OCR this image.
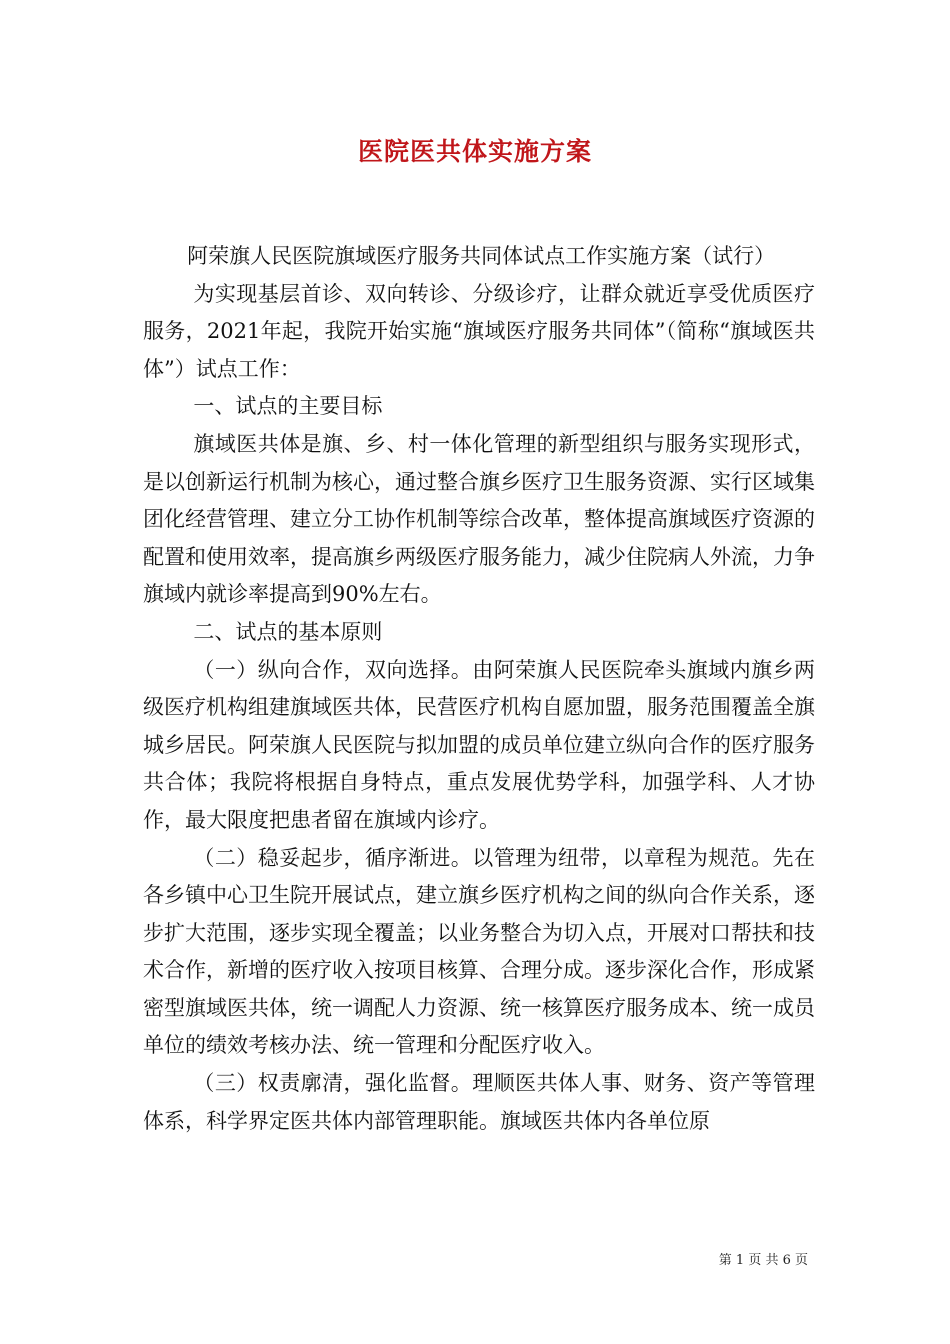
医院医共体实施方案

阿荣旗人民医院旗域医疗服务共同体试点工作实施方案（试行）

为实现基层首诊、双向转诊、分级诊疗，让群众就近享受优质医疗服务，2021年起，我院开始实施“旗域医疗服务共同体”（简称“旗域医共体”）试点工作：

一、试点的主要目标

旗域医共体是旗、乡、村一体化管理的新型组织与服务实现形式，是以创新运行机制为核心，通过整合旗乡医疗卫生服务资源、实行区域集团化经营管理、建立分工协作机制等综合改革，整体提高旗域医疗资源的配置和使用效率，提高旗乡两级医疗服务能力，减少住院病人外流，力争旗域内就诊率提高到90%左右。

二、试点的基本原则

（一）纵向合作，双向选择。由阿荣旗人民医院牵头旗域内旗乡两级医疗机构组建旗域医共体，民营医疗机构自愿加盟，服务范围覆盖全旗城乡居民。阿荣旗人民医院与拟加盟的成员单位建立纵向合作的医疗服务共合体；我院将根据自身特点，重点发展优势学科，加强学科、人才协作，最大限度把患者留在旗域内诊疗。

（二）稳妥起步，循序渐进。以管理为纽带，以章程为规范。先在各乡镇中心卫生院开展试点，建立旗乡医疗机构之间的纵向合作关系，逐步扩大范围，逐步实现全覆盖；以业务整合为切入点，开展对口帮扶和技术合作，新增的医疗收入按项目核算、合理分成。逐步深化合作，形成紧密型旗域医共体，统一调配人力资源、统一核算医疗服务成本、统一成员单位的绩效考核办法、统一管理和分配医疗收入。

（三）权责廓清，强化监督。理顺医共体人事、财务、资产等管理体系，科学界定医共体内部管理职能。旗域医共体内各单位原

第 1 页 共 6 页
